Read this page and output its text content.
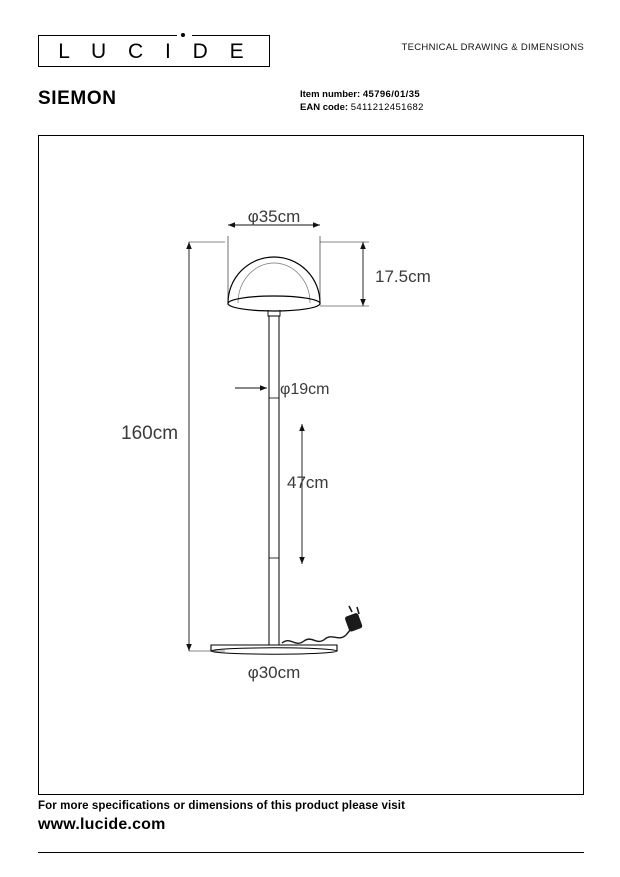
L U C I D E	TECHNICAL DRAWING & DIMENSIONS
SIEMON	Item number: 45796/01/35
EAN code: 5411212451682
φ35cm
17.5cm
160cm
φ19cm
47cm
φ30cm
For more specifications or dimensions of this product please visit
www.lucide.com
